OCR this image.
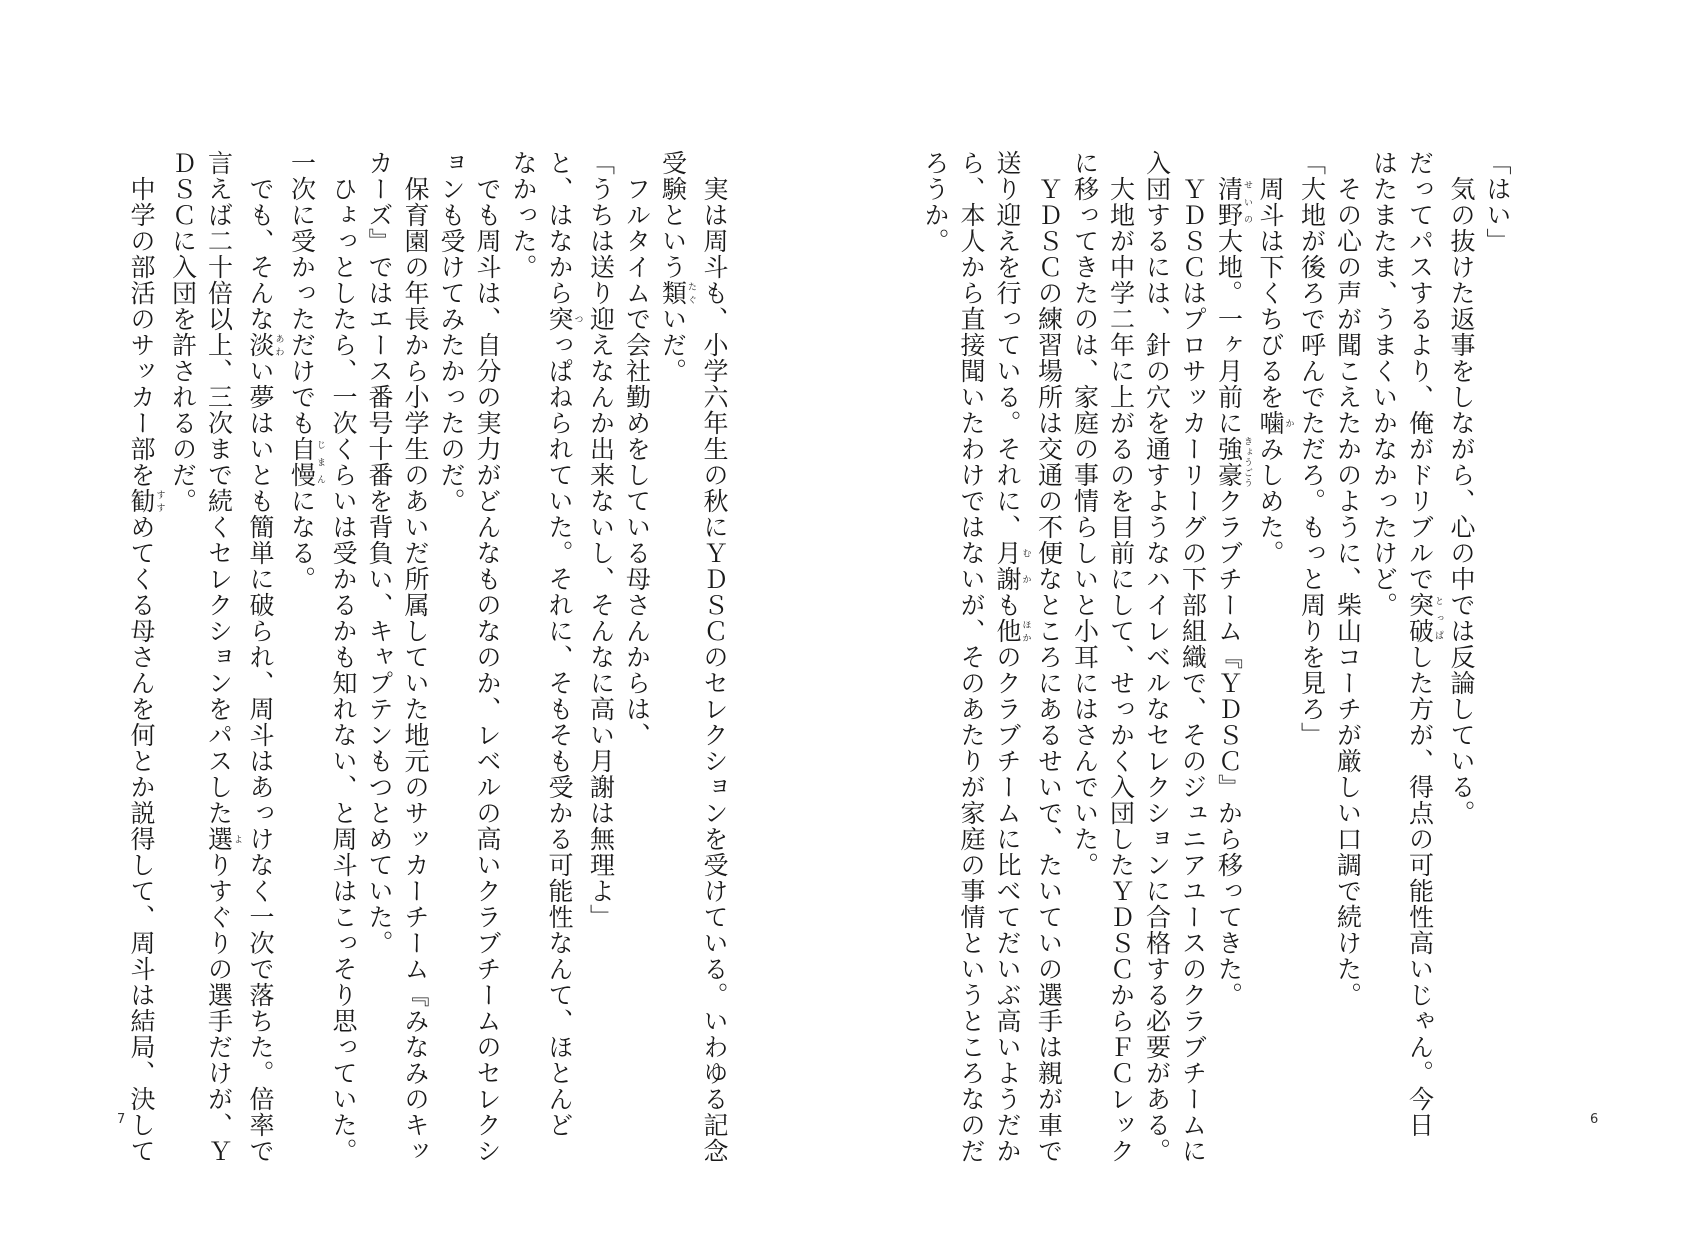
「はい」
　気の抜けた返事をしながら、心の中では反論している。
だってパスするより、俺がドリブルで突破とっぱした方が、得点の可能性高いじゃん。今日
はたまたま、うまくいかなかったけど。
　その心の声が聞こえたかのように、柴山コーチが厳しい口調で続けた。
「大地が後ろで呼んでただろ。もっと周りを見ろ」
　周斗は下くちびるを噛かみしめた。
　清野せいの大地。一ヶ月前に強豪きょうごうクラブチーム『ＹＤＳＣ』から移ってきた。
　ＹＤＳＣはプロサッカーリーグの下部組織で、そのジュニアユースのクラブチームに
入団するには、針の穴を通すようなハイレベルなセレクションに合格する必要がある。
　大地が中学二年に上がるのを目前にして、せっかく入団したＹＤＳＣからＦＣレック
に移ってきたのは、家庭の事情らしいと小耳にはさんでいた。
　ＹＤＳＣの練習場所は交通の不便なところにあるせいで、たいていの選手は親が車で
送り迎えを行っている。それに、月謝むかも他ほかのクラブチームに比べてだいぶ高いようだか
ら、本人から直接聞いたわけではないが、そのあたりが家庭の事情というところなのだ
ろうか。
6
　実は周斗も、小学六年生の秋にＹＤＳＣのセレクションを受けている。いわゆる記念
受験という類たぐいだ。
　フルタイムで会社勤めをしている母さんからは、
「うちは送り迎えなんか出来ないし、そんなに高い月謝は無理よ」
と、はなから突つっぱねられていた。それに、そもそも受かる可能性なんて、ほとんど
なかった。
　でも周斗は、自分の実力がどんなものなのか、レベルの高いクラブチームのセレクシ
ョンも受けてみたかったのだ。
　保育園の年長から小学生のあいだ所属していた地元のサッカーチーム『みなみのキッ
カーズ』ではエース番号十番を背負い、キャプテンもつとめていた。
　ひょっとしたら、一次くらいは受かるかも知れない、と周斗はこっそり思っていた。
一次に受かっただけでも自慢じまんになる。
　でも、そんな淡あわい夢はいとも簡単に破られ、周斗はあっけなく一次で落ちた。倍率で
言えば二十倍以上、三次まで続くセレクションをパスした選よりすぐりの選手だけが、Ｙ
ＤＳＣに入団を許されるのだ。
　中学の部活のサッカー部を勧すすめてくる母さんを何とか説得して、周斗は結局、決して
7
